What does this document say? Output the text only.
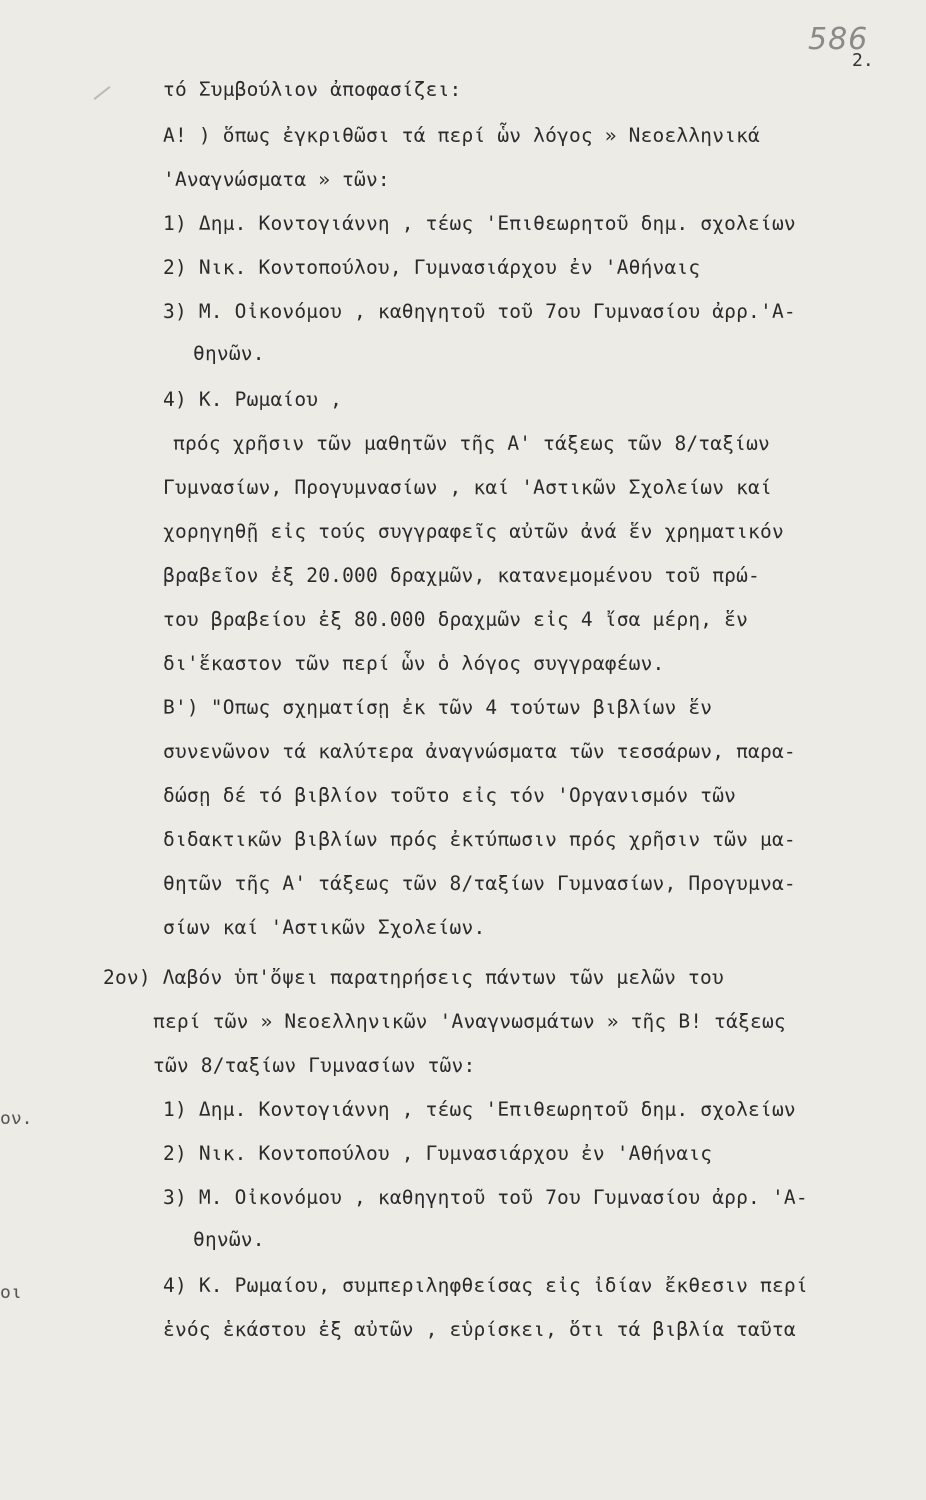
586
2.
ον.
οι
τό Συμβούλιον ἀποφασίζει:
Α! ) ὅπως ἐγκριθῶσι τά περί ὧν λόγος » Νεοελληνικά
'Αναγνώσματα » τῶν:
1) Δημ. Κοντογιάννη , τέως 'Επιθεωρητοῦ δημ. σχολείων
2) Νικ. Κοντοπούλου, Γυμνασιάρχου ἐν 'Αθήναις
3) Μ. Οἰκονόμου , καθηγητοῦ τοῦ 7ου Γυμνασίου ἀρρ.'Α-
θηνῶν.
4) Κ. Ρωμαίου ,
πρός χρῆσιν τῶν μαθητῶν τῆς Α' τάξεως τῶν 8/ταξίων
Γυμνασίων, Προγυμνασίων , καί 'Αστικῶν Σχολείων καί
χορηγηθῇ εἰς τούς συγγραφεῖς αὐτῶν ἀνά ἕν χρηματικόν
βραβεῖον ἐξ 20.000 δραχμῶν, κατανεμομένου τοῦ πρώ-
του βραβείου ἐξ 80.000 δραχμῶν εἰς 4 ἴσα μέρη, ἕν
δι'ἕκαστον τῶν περί ὧν ὁ λόγος συγγραφέων.
Β') "Οπως σχηματίσῃ ἐκ τῶν 4 τούτων βιβλίων ἕν
συνενῶνον τά καλύτερα ἀναγνώσματα τῶν τεσσάρων, παρα-
δώσῃ δέ τό βιβλίον τοῦτο εἰς τόν 'Οργανισμόν τῶν
διδακτικῶν βιβλίων πρός ἐκτύπωσιν πρός χρῆσιν τῶν μα-
θητῶν τῆς Α' τάξεως τῶν 8/ταξίων Γυμνασίων, Προγυμνα-
σίων καί 'Αστικῶν Σχολείων.
2ον) Λαβόν ὑπ'ὄψει παρατηρήσεις πάντων τῶν μελῶν του
περί τῶν » Νεοελληνικῶν 'Αναγνωσμάτων » τῆς Β! τάξεως
τῶν 8/ταξίων Γυμνασίων τῶν:
1) Δημ. Κοντογιάννη , τέως 'Επιθεωρητοῦ δημ. σχολείων
2) Νικ. Κοντοπούλου , Γυμνασιάρχου ἐν 'Αθήναις
3) Μ. Οἰκονόμου , καθηγητοῦ τοῦ 7ου Γυμνασίου ἀρρ. 'Α-
θηνῶν.
4) Κ. Ρωμαίου, συμπεριληφθείσας εἰς ἰδίαν ἔκθεσιν περί
ἑνός ἑκάστου ἐξ αὐτῶν , εὑρίσκει, ὅτι τά βιβλία ταῦτα
